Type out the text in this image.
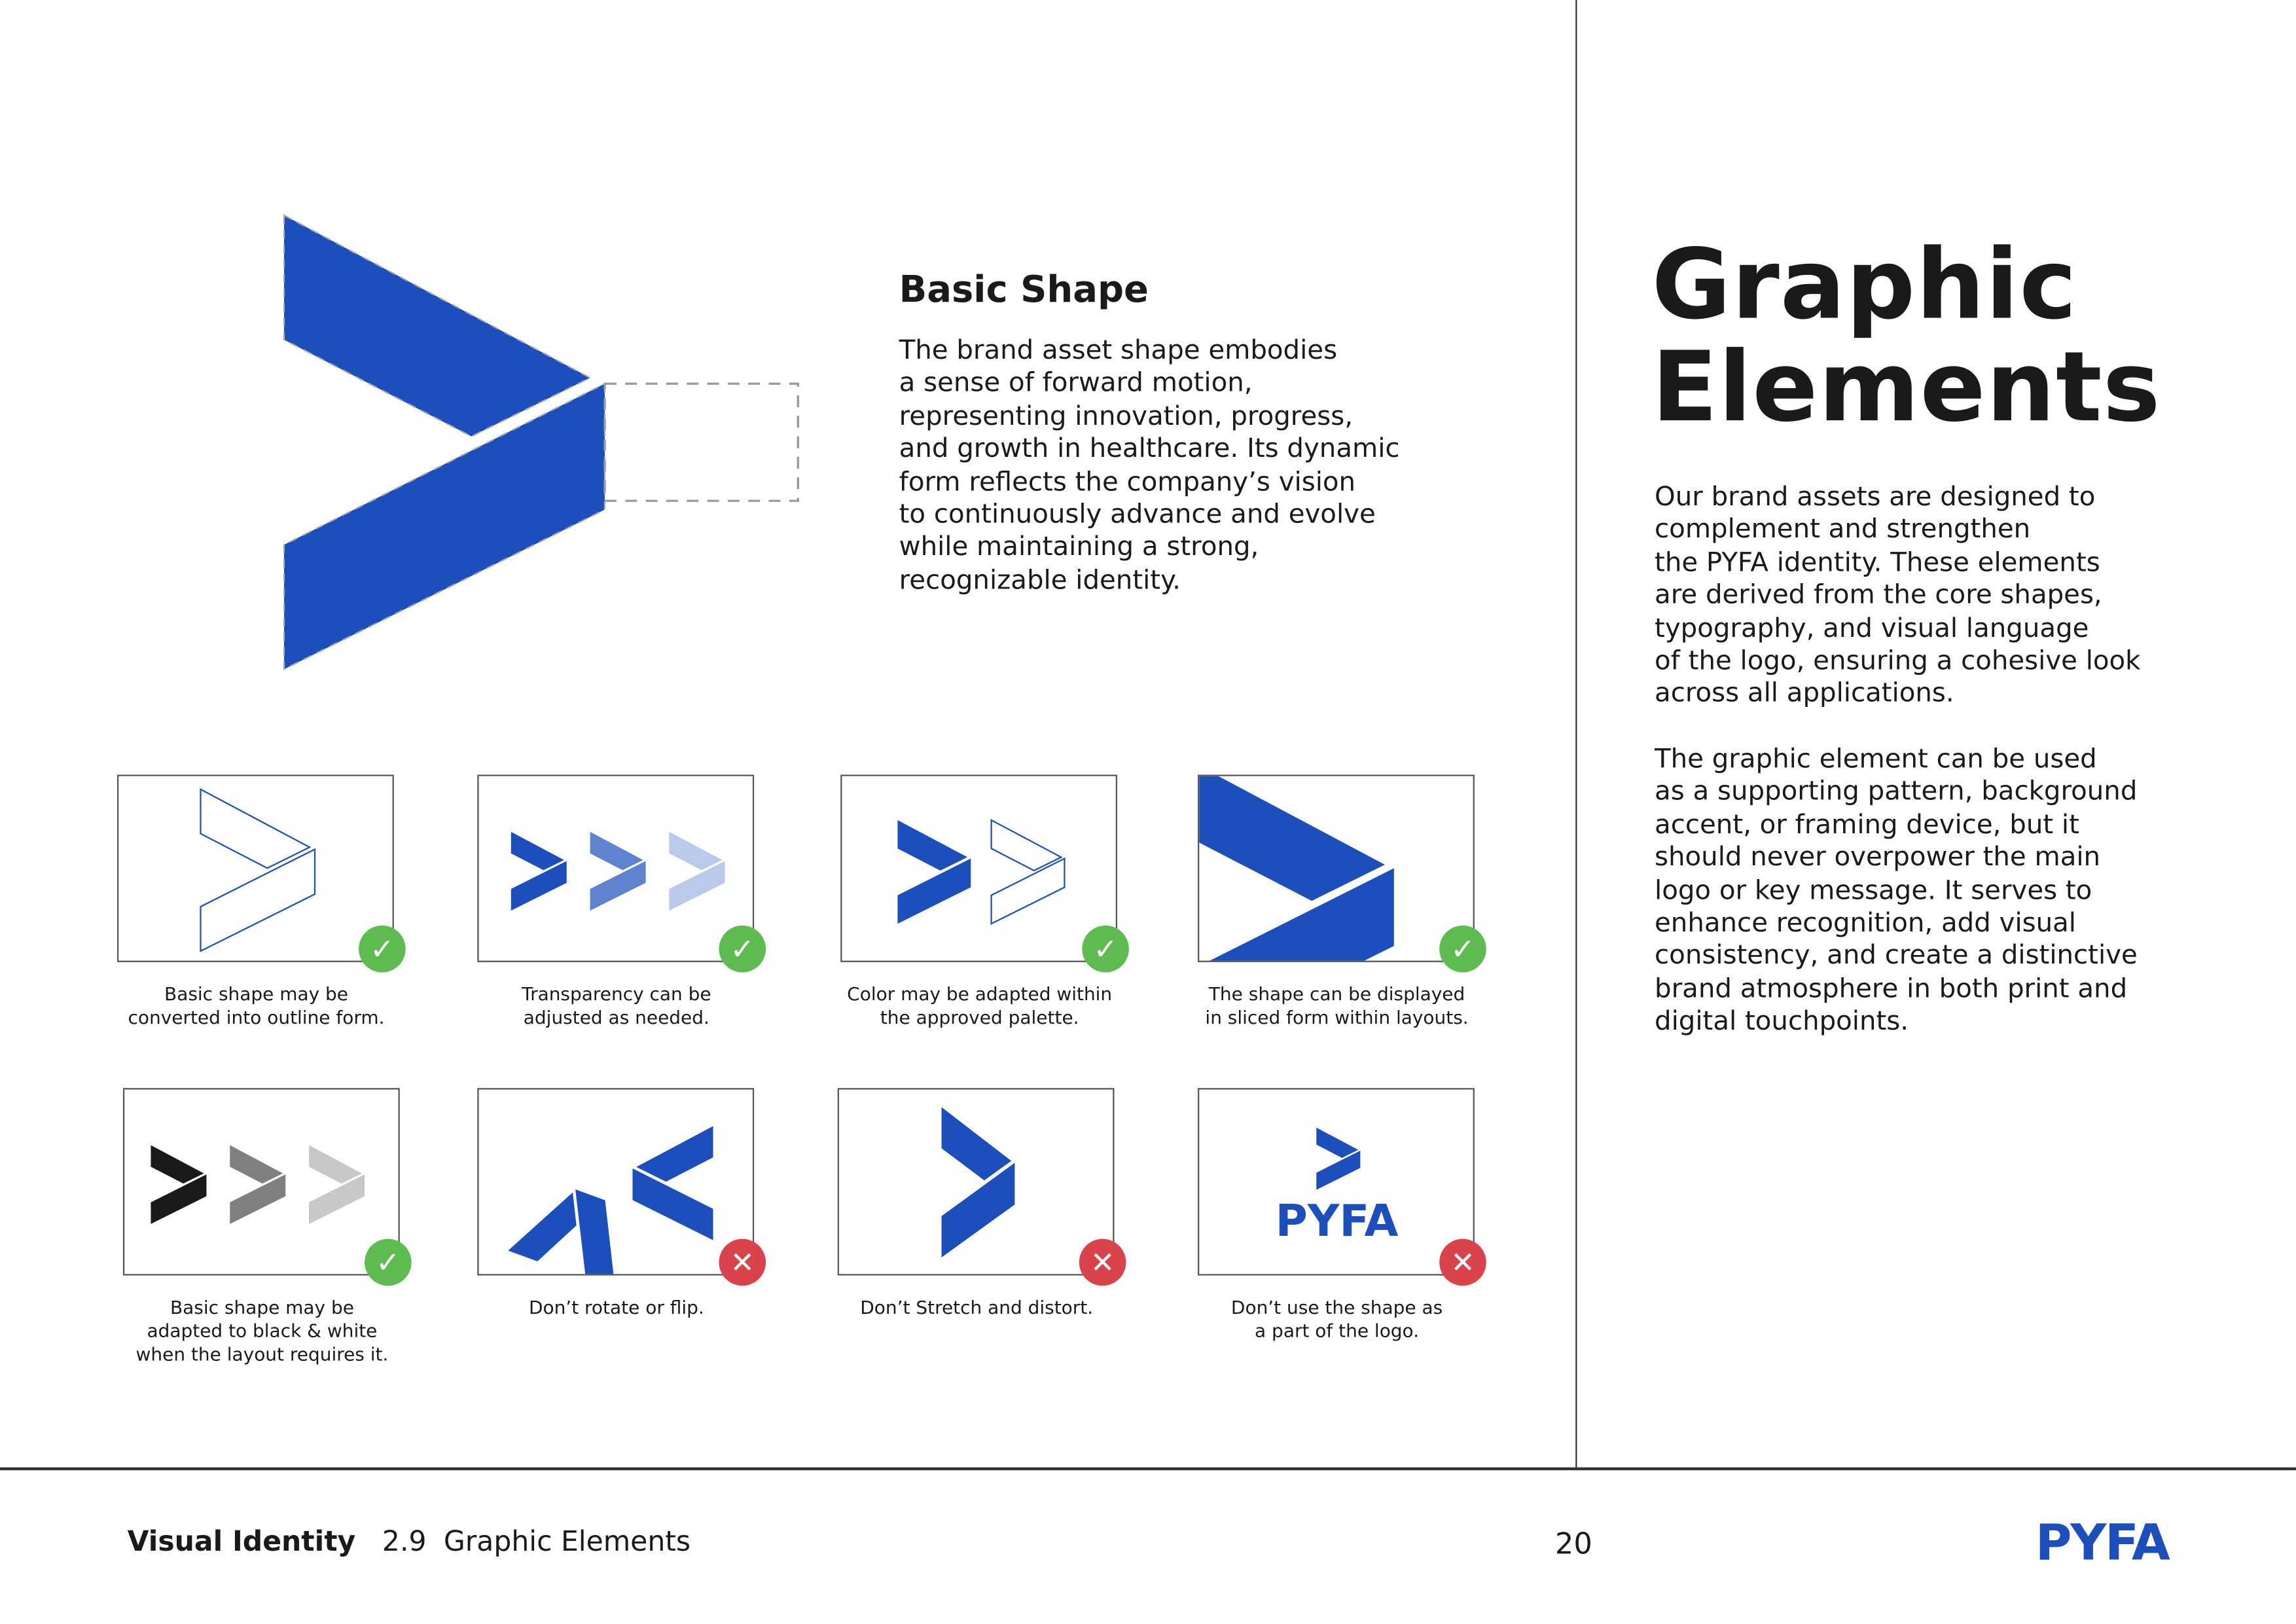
Basic Shape
The brand asset shape embodies
a sense of forward motion,
representing innovation, progress,
and growth in healthcare. Its dynamic
form reflects the company’s vision
to continuously advance and evolve
while maintaining a strong,
recognizable identity.
Graphic
Elements
Our brand assets are designed to
complement and strengthen
the PYFA identity. These elements
are derived from the core shapes,
typography, and visual language
of the logo, ensuring a cohesive look
across all applications.
The graphic element can be used
as a supporting pattern, background
accent, or framing device, but it
should never overpower the main
logo or key message. It serves to
enhance recognition, add visual
consistency, and create a distinctive
brand atmosphere in both print and
digital touchpoints.
✓
Basic shape may be
converted into outline form.
✓
Transparency can be
adjusted as needed.
✓
Color may be adapted within
the approved palette.
✓
The shape can be displayed
in sliced form within layouts.
✓
Basic shape may be
adapted to black & white
when the layout requires it.
✕
Don’t rotate or flip.
✕
Don’t Stretch and distort.
PYFA
✕
Don’t use the shape as
a part of the logo.
Visual Identity 2.9 Graphic Elements	20	PYFA
